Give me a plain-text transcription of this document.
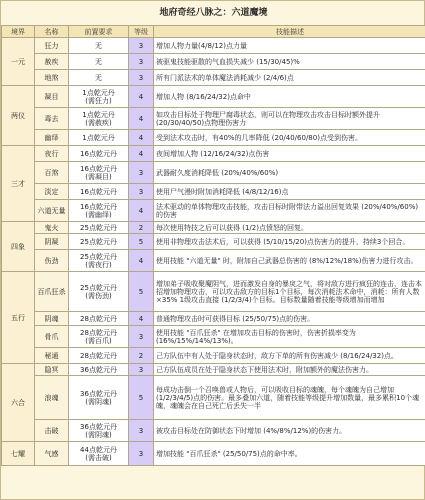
地府奇经八脉之：六道魔境
境界	名称	前置要求	等级	技能描述
一元	狂力	无	3	增加人物力量(4/8/12)点力量
	赦疾	无	3	被驱鬼技能驱散的气血损失减少 (15/30/45)%
	地煞	无	3	所有门派法术的单体魔法消耗减少 (2/4/6)点
两仪	凝目	1点乾元丹
(需狂力)	4	增加人物 (8/16/24/32)点命中
	毒去	1点乾元丹
(需赦疾)	4	如攻击目标处于物理尸腐毒状态，则可以在物理攻击攻击目标时额外提升 (20/30/40/50)点物理伤害力
	幽绎	1点乾元丹	4	受到法术攻击时，有40%的几率降低 (20/40/60/80)点受到伤害。
三才	夜行	16点乾元丹	4	夜间增加人物 (12/16/24/32)点伤害
	百煞	16点乾元丹
(需凝目)	3	武器耐久度消耗降低 (20%/40%/60%)
	淡定	16点乾元丹	3	使用尸气漫时附加消耗降低 (4/8/12/16)点
	六道无量	16点乾元丹
(需幽绎)	4	法术驱动的单体物理攻击技能，攻击目标时附带法力溢出回复效果 (20%/40%/60%)的伤害
四象	鬼火	25点乾元丹	2	每次使用特技之后可以获得 (1/2)点愤怒的回复。
	阴凝	25点乾元丹	5	使用非物理攻击法术后，可以获得 (5/10/15/20)点伤害力的提升，持续3个回合。
	伤劲	25点乾元丹
(需夜行)	4	使用技能 "六道无量" 时，附加自己武器总伤害的 (8%/12%/18%)伤害力进行攻击。
五行	百爪狂杀	25点乾元丹
(需伤劲)	5	增加弟子吸收聚魔阴气，进而激发自身的暴戾之气，将对敌方进行疯狂的连击，连击本招增加物理攻击，可以攻击敌方的目标1个目标，每次消耗法术命中，消耗：所有人数 ×35% 1级攻击直接 (1/2/3/4)个目标。目标数量随着技能等级增加而增加
	阴魂	28点乾元丹	4	普通物理攻击时可获得目标 (25/50/75)点的伤害。
	骨爪	28点乾元丹
(需百爪)	3	使用技能 "百爪狂杀" 在增加攻击目标的伤害时，伤害折损率变为 (16%/15%/14%/13%)。
	秘通	28点乾元丹	2	己方队伍中有人处于隐身状态时，敌方下单的所有伤害减少 (8/16/24/32)点。
六合	隐冥	36点乾元丹	3	己方队伍成员在处于隐身状态下使用法术时，附加额外的魔法伤害力。
	浪魂	36点乾元丹
(需阴魂)	5	每成功击倒一个召唤兽或人物后，可以吸收目标的魂魄，每个魂魄为自己增加 (1/2/3/4/5)点的伤害。最多叠加六道，随着技能等级提升增加数量，最多累积10个魂魄，魂魄会在自己死亡后丢失一半
	击破	36点乾元丹
(需阴魂)	3	被攻击目标处在防御状态下时增加 (4%/8%/12%)的伤害力。
七耀	气感	44点乾元丹
(需击破)	3	增加技能 "百爪狂杀" (25/50/75)点的命中率。
